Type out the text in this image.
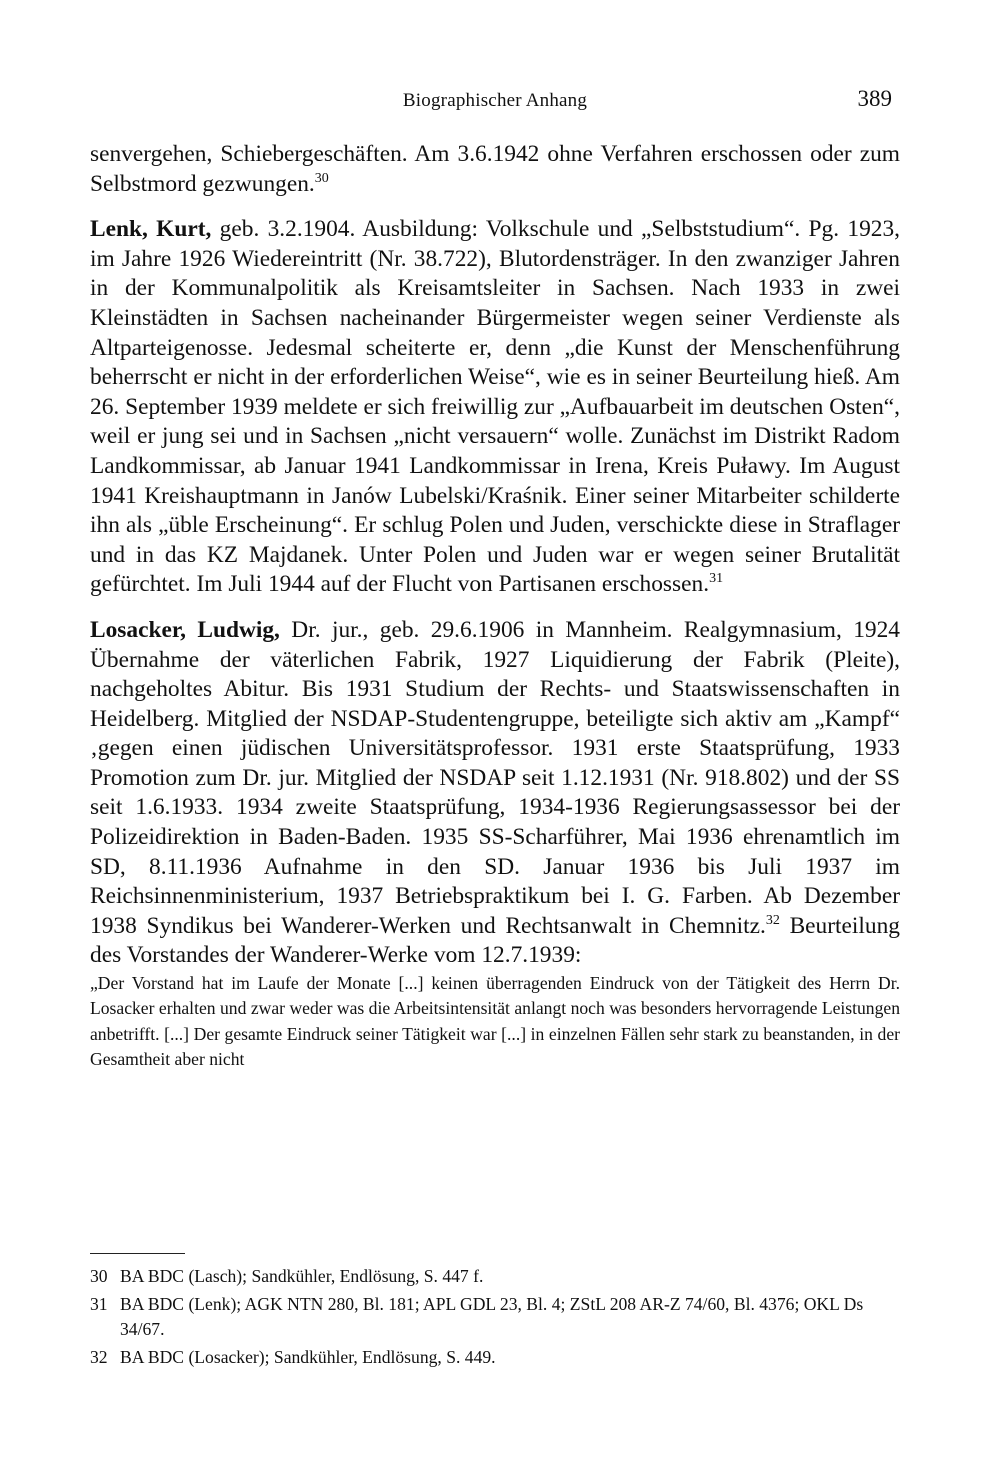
Biographischer Anhang	389

senvergehen, Schiebergeschäften. Am 3.6.1942 ohne Verfahren erschossen oder zum Selbstmord gezwungen.$^{30}$

Lenk, Kurt, geb. 3.2.1904. Ausbildung: Volkschule und „Selbststudium“. Pg. 1923, im Jahre 1926 Wiedereintritt (Nr. 38.722), Blutordensträger. In den zwanziger Jahren in der Kommunalpolitik als Kreisamtsleiter in Sachsen. Nach 1933 in zwei Kleinstädten in Sachsen nacheinander Bürgermeister wegen seiner Verdienste als Altparteigenosse. Jedesmal scheiterte er, denn „die Kunst der Menschenführung beherrscht er nicht in der erforderlichen Weise“, wie es in seiner Beurteilung hieß. Am 26. September 1939 meldete er sich freiwillig zur „Aufbauarbeit im deutschen Osten“, weil er jung sei und in Sachsen „nicht versauern“ wolle. Zunächst im Distrikt Radom Landkommissar, ab Januar 1941 Landkommissar in Irena, Kreis Puławy. Im August 1941 Kreishauptmann in Janów Lubelski/Kraśnik. Einer seiner Mitarbeiter schilderte ihn als „üble Erscheinung“. Er schlug Polen und Juden, verschickte diese in Straflager und in das KZ Majdanek. Unter Polen und Juden war er wegen seiner Brutalität gefürchtet. Im Juli 1944 auf der Flucht von Partisanen erschossen.$^{31}$

Losacker, Ludwig, Dr. jur., geb. 29.6.1906 in Mannheim. Realgymnasium, 1924 Übernahme der väterlichen Fabrik, 1927 Liquidierung der Fabrik (Pleite), nachgeholtes Abitur. Bis 1931 Studium der Rechts- und Staatswissenschaften in Heidelberg. Mitglied der NSDAP-Studentengruppe, beteiligte sich aktiv am „Kampf“ ‚gegen einen jüdischen Universitätsprofessor. 1931 erste Staatsprüfung, 1933 Promotion zum Dr. jur. Mitglied der NSDAP seit 1.12.1931 (Nr. 918.802) und der SS seit 1.6.1933. 1934 zweite Staatsprüfung, 1934-1936 Regierungsassessor bei der Polizeidirektion in Baden-Baden. 1935 SS-Scharführer, Mai 1936 ehrenamtlich im SD, 8.11.1936 Aufnahme in den SD. Januar 1936 bis Juli 1937 im Reichsinnenministerium, 1937 Betriebspraktikum bei I. G. Farben. Ab Dezember 1938 Syndikus bei Wanderer-Werken und Rechtsanwalt in Chemnitz.$^{32}$ Beurteilung des Vorstandes der Wanderer-Werke vom 12.7.1939:

„Der Vorstand hat im Laufe der Monate [...] keinen überragenden Eindruck von der Tätigkeit des Herrn Dr. Losacker erhalten und zwar weder was die Arbeitsintensität anlangt noch was besonders hervorragende Leistungen anbetrifft. [...] Der gesamte Eindruck seiner Tätigkeit war [...] in einzelnen Fällen sehr stark zu beanstanden, in der Gesamtheit aber nicht

30 BA BDC (Lasch); Sandkühler, Endlösung, S. 447 f.
31 BA BDC (Lenk); AGK NTN 280, Bl. 181; APL GDL 23, Bl. 4; ZStL 208 AR-Z 74/60, Bl. 4376; OKL Ds 34/67.
32 BA BDC (Losacker); Sandkühler, Endlösung, S. 449.
